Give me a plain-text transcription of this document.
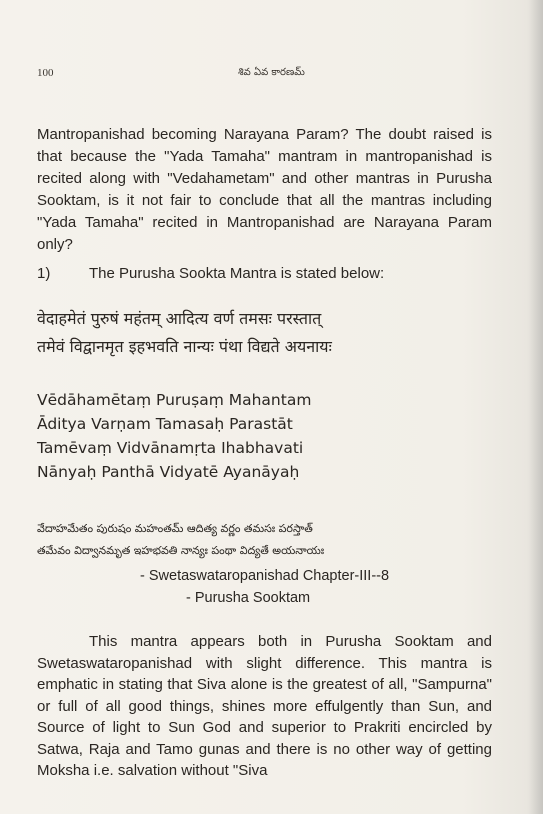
100	శివ ఏవ కారణమ్
Mantropanishad becoming Narayana Param? The doubt raised is that because the "Yada Tamaha" mantram in mantropanishad is recited along with "Vedahametam" and other mantras in Purusha Sooktam, is it not fair to conclude that all the mantras including "Yada Tamaha" recited in Mantropanishad are Narayana Param only?
1)	The Purusha Sookta Mantra is stated below:
वेदाहमेतं पुरुषं महंतम् आदित्य वर्ण तमसः परस्तात्
तमेवं विद्वानमृत इहभवति नान्यः पंथा विद्यते अयनायः
Vēdāhamētaṃ Puruṣaṃ Mahantam
Āditya Varṇam Tamasaḥ Parastāt
Tamēvaṃ Vidvānamṛta Ihabhavati
Nānyaḥ Panthā Vidyatē Ayanāyaḥ
వేదాహమేతం పురుషం మహంతమ్ ఆదిత్య వర్ణం తమసః పరస్తాత్
తమేవం విద్వానమృత ఇహభవతి నాన్యః పంథా విద్యతే అయనాయః
- Swetaswataropanishad Chapter-III--8
- Purusha Sooktam
This mantra appears both in Purusha Sooktam and Swetaswataropanishad with slight difference. This mantra is emphatic in stating that Siva alone is the greatest of all, "Sampurna" or full of all good things, shines more effulgently than Sun, and Source of light to Sun God and superior to Prakriti encircled by Satwa, Raja and Tamo gunas and there is no other way of getting Moksha i.e. salvation without "Siva
